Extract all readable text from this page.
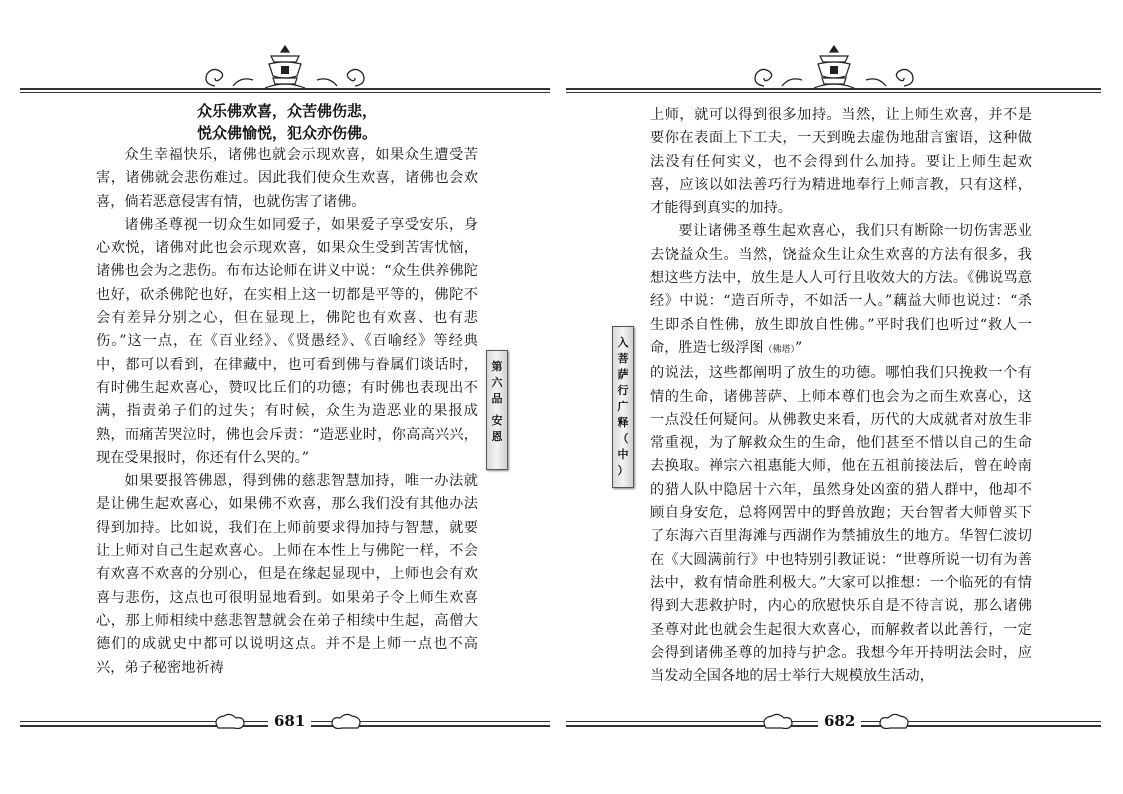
众乐佛欢喜，众苦佛伤悲，

悦众佛愉悦，犯众亦伤佛。

众生幸福快乐，诸佛也就会示现欢喜，如果众生遭受苦害，诸佛就会悲伤难过。因此我们使众生欢喜，诸佛也会欢喜，倘若恶意侵害有情，也就伤害了诸佛。

诸佛圣尊视一切众生如同爱子，如果爱子享受安乐，身心欢悦，诸佛对此也会示现欢喜，如果众生受到苦害忧恼，诸佛也会为之悲伤。布布达论师在讲义中说：“众生供养佛陀也好，砍杀佛陀也好，在实相上这一切都是平等的，佛陀不会有差异分别之心，但在显现上，佛陀也有欢喜、也有悲伤。”这一点，在《百业经》、《贤愚经》、《百喻经》等经典中，都可以看到，在律藏中，也可看到佛与眷属们谈话时，有时佛生起欢喜心，赞叹比丘们的功德；有时佛也表现出不满，指责弟子们的过失；有时候，众生为造恶业的果报成熟，而痛苦哭泣时，佛也会斥责：“造恶业时，你高高兴兴，现在受果报时，你还有什么哭的。”

如果要报答佛恩，得到佛的慈悲智慧加持，唯一办法就是让佛生起欢喜心，如果佛不欢喜，那么我们没有其他办法得到加持。比如说，我们在上师前要求得加持与智慧，就要让上师对自己生起欢喜心。上师在本性上与佛陀一样，不会有欢喜不欢喜的分别心，但是在缘起显现中，上师也会有欢喜与悲伤，这点也可很明显地看到。如果弟子令上师生欢喜心，那上师相续中慈悲智慧就会在弟子相续中生起，高僧大德们的成就史中都可以说明这点。并不是上师一点也不高兴，弟子秘密地祈祷

第
六
品
安
恩
681
入
菩
萨
行
广
释
（
中
）

上师，就可以得到很多加持。当然，让上师生欢喜，并不是要你在表面上下工夫，一天到晚去虚伪地甜言蜜语，这种做法没有任何实义，也不会得到什么加持。要让上师生起欢喜，应该以如法善巧行为精进地奉行上师言教，只有这样，才能得到真实的加持。

要让诸佛圣尊生起欢喜心，我们只有断除一切伤害恶业去饶益众生。当然，饶益众生让众生欢喜的方法有很多，我想这些方法中，放生是人人可行且收效大的方法。《佛说骂意经》中说：“造百所寺，不如活一人。”藕益大师也说过：“杀生即杀自性佛，放生即放自性佛。”平时我们也听过“救人一命，胜造七级浮图（佛塔）”

的说法，这些都阐明了放生的功德。哪怕我们只挽救一个有情的生命，诸佛菩萨、上师本尊们也会为之而生欢喜心，这一点没任何疑问。从佛教史来看，历代的大成就者对放生非常重视，为了解救众生的生命，他们甚至不惜以自己的生命去换取。禅宗六祖惠能大师，他在五祖前接法后，曾在岭南的猎人队中隐居十六年，虽然身处凶蛮的猎人群中，他却不顾自身安危，总将网罟中的野兽放跑；天台智者大师曾买下了东海六百里海滩与西湖作为禁捕放生的地方。华智仁波切在《大圆满前行》中也特别引教证说：“世尊所说一切有为善法中，救有情命胜利极大。”大家可以推想：一个临死的有情得到大悲救护时，内心的欣慰快乐自是不待言说，那么诸佛圣尊对此也就会生起很大欢喜心，而解救者以此善行，一定会得到诸佛圣尊的加持与护念。我想今年开持明法会时，应当发动全国各地的居士举行大规模放生活动，

682
